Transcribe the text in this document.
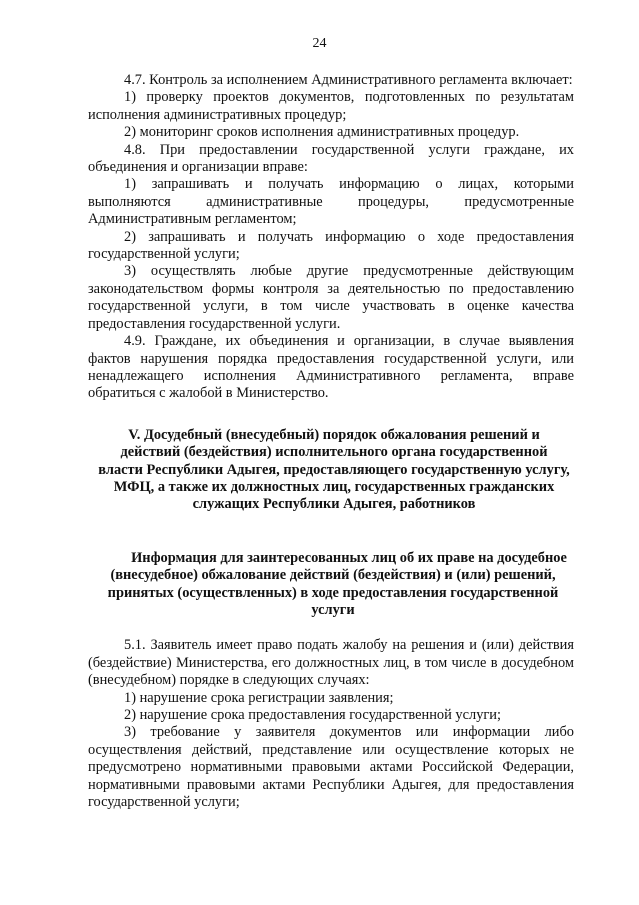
24

4.7. Контроль за исполнением Административного регламента включает:

1) проверку проектов документов, подготовленных по результатам исполнения административных процедур;

2) мониторинг сроков исполнения административных процедур.

4.8. При предоставлении государственной услуги граждане, их объединения и организации вправе:

1) запрашивать и получать информацию о лицах, которыми выполняются административные процедуры, предусмотренные Административным регламентом;

2) запрашивать и получать информацию о ходе предоставления государственной услуги;

3) осуществлять любые другие предусмотренные действующим законодательством формы контроля за деятельностью по предоставлению государственной услуги, в том числе участвовать в оценке качества предоставления государственной услуги.

4.9. Граждане, их объединения и организации, в случае выявления фактов нарушения порядка предоставления государственной услуги, или ненадлежащего исполнения Административного регламента, вправе обратиться с жалобой в Министерство.

V. Досудебный (внесудебный) порядок обжалования решений и действий (бездействия) исполнительного органа государственной власти Республики Адыгея, предоставляющего государственную услугу, МФЦ, а также их должностных лиц, государственных гражданских служащих Республики Адыгея, работников

Информация для заинтересованных лиц об их праве на досудебное (внесудебное) обжалование действий (бездействия) и (или) решений, принятых (осуществленных) в ходе предоставления государственной услуги

5.1. Заявитель имеет право подать жалобу на решения и (или) действия (бездействие) Министерства, его должностных лиц, в том числе в досудебном (внесудебном) порядке в следующих случаях:

1) нарушение срока регистрации заявления;

2) нарушение срока предоставления государственной услуги;

3) требование у заявителя документов или информации либо осуществления действий, представление или осуществление которых не предусмотрено нормативными правовыми актами Российской Федерации, нормативными правовыми актами Республики Адыгея, для предоставления государственной услуги;
